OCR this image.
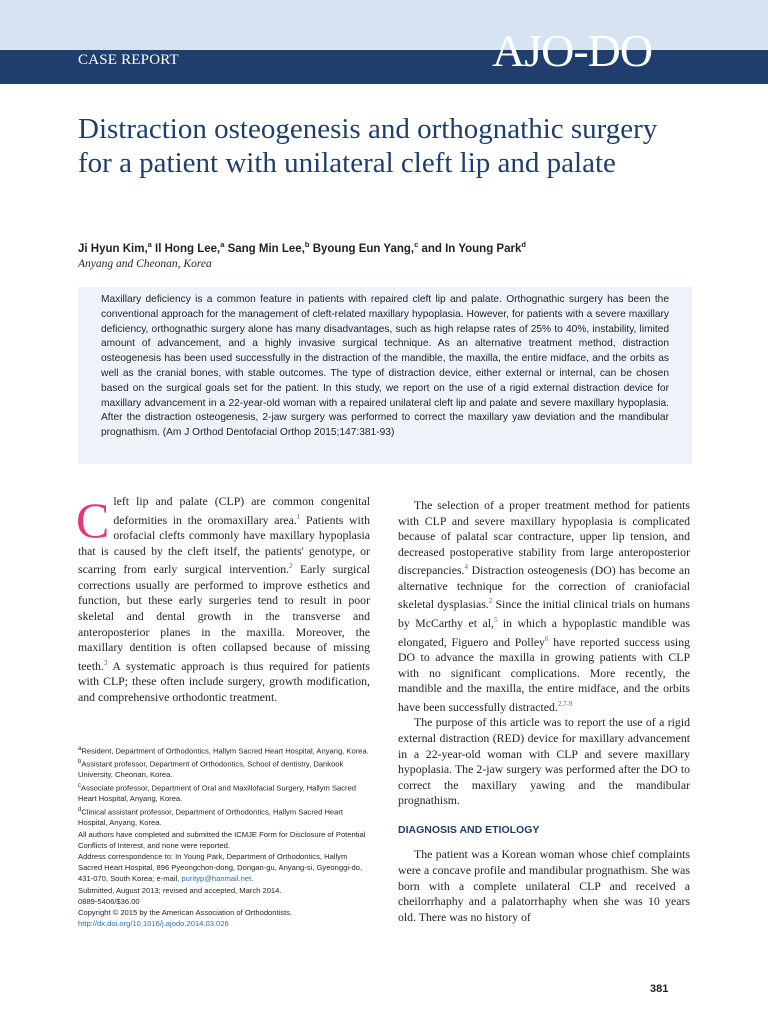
CASE REPORT	AJO-DO
Distraction osteogenesis and orthognathic surgery for a patient with unilateral cleft lip and palate

Ji Hyun Kim,$^a$ Il Hong Lee,$^a$ Sang Min Lee,$^b$ Byoung Eun Yang,$^c$ and In Young Park$^d$

Anyang and Cheonan, Korea

Maxillary deficiency is a common feature in patients with repaired cleft lip and palate. Orthognathic surgery has been the conventional approach for the management of cleft-related maxillary hypoplasia. However, for patients with a severe maxillary deficiency, orthognathic surgery alone has many disadvantages, such as high relapse rates of 25% to 40%, instability, limited amount of advancement, and a highly invasive surgical technique. As an alternative treatment method, distraction osteogenesis has been used successfully in the distraction of the mandible, the maxilla, the entire midface, and the orbits as well as the cranial bones, with stable outcomes. The type of distraction device, either external or internal, can be chosen based on the surgical goals set for the patient. In this study, we report on the use of a rigid external distraction device for maxillary advancement in a 22-year-old woman with a repaired unilateral cleft lip and palate and severe maxillary hypoplasia. After the distraction osteogenesis, 2-jaw surgery was performed to correct the maxillary yaw deviation and the mandibular prognathism. (Am J Orthod Dentofacial Orthop 2015;147:381-93)

Cleft lip and palate (CLP) are common congenital deformities in the oromaxillary area.$^1$ Patients with orofacial clefts commonly have maxillary hypoplasia that is caused by the cleft itself, the patients' genotype, or scarring from early surgical intervention.$^2$ Early surgical corrections usually are performed to improve esthetics and function, but these early surgeries tend to result in poor skeletal and dental growth in the transverse and anteroposterior planes in the maxilla. Moreover, the maxillary dentition is often collapsed because of missing teeth.$^3$ A systematic approach is thus required for patients with CLP; these often include surgery, growth modification, and comprehensive orthodontic treatment.

$^a$Resident, Department of Orthodontics, Hallym Sacred Heart Hospital, Anyang, Korea.

$^b$Assistant professor, Department of Orthodontics, School of dentistry, Dankook University, Cheonan, Korea.

$^c$Associate professor, Department of Oral and Maxillofacial Surgery, Hallym Sacred Heart Hospital, Anyang, Korea.

$^d$Clinical assistant professor, Department of Orthodontics, Hallym Sacred Heart Hospital, Anyang, Korea.

All authors have completed and submitted the ICMJE Form for Disclosure of Potential Conflicts of Interest, and none were reported.

Address correspondence to: In Young Park, Department of Orthodontics, Hallym Sacred Heart Hospital, 896 Pyeongchon-dong, Dongan-gu, Anyang-si, Gyeonggi-do, 431-070, South Korea; e-mail, purityp@hanmail.net.

Submitted, August 2013; revised and accepted, March 2014.

0889-5406/$36.00

Copyright © 2015 by the American Association of Orthodontists.

http://dx.doi.org/10.1016/j.ajodo.2014.03.026

The selection of a proper treatment method for patients with CLP and severe maxillary hypoplasia is complicated because of palatal scar contracture, upper lip tension, and decreased postoperative stability from large anteroposterior discrepancies.$^4$ Distraction osteogenesis (DO) has become an alternative technique for the correction of craniofacial skeletal dysplasias.$^2$ Since the initial clinical trials on humans by McCarthy et al,$^5$ in which a hypoplastic mandible was elongated, Figuero and Polley$^6$ have reported success using DO to advance the maxilla in growing patients with CLP with no significant complications. More recently, the mandible and the maxilla, the entire midface, and the orbits have been successfully distracted.$^{2,7-9}$

The purpose of this article was to report the use of a rigid external distraction (RED) device for maxillary advancement in a 22-year-old woman with CLP and severe maxillary hypoplasia. The 2-jaw surgery was performed after the DO to correct the maxillary yawing and the mandibular prognathism.

DIAGNOSIS AND ETIOLOGY

The patient was a Korean woman whose chief complaints were a concave profile and mandibular prognathism. She was born with a complete unilateral CLP and received a cheilorrhaphy and a palatorrhaphy when she was 10 years old. There was no history of

381
